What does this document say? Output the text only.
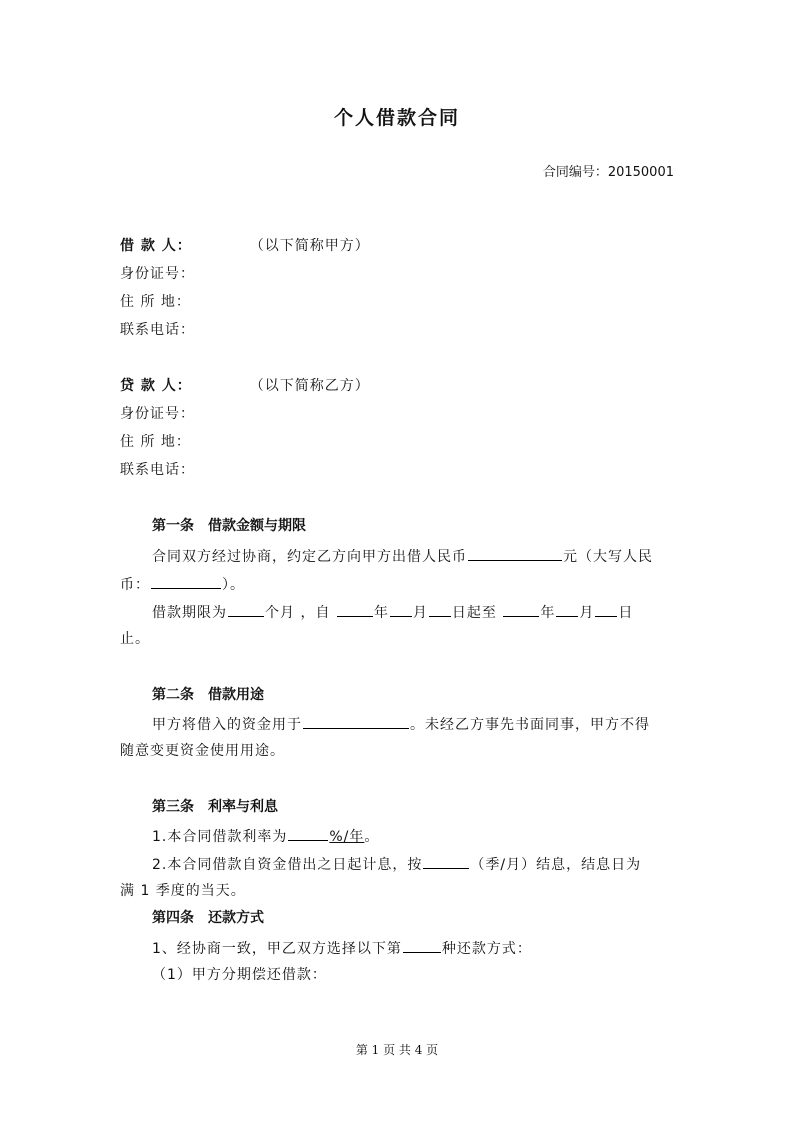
个人借款合同
合同编号：20150001
借 款 人：	（以下简称甲方）
身份证号：
住 所 地：
联系电话：
贷 款 人：	（以下简称乙方）
身份证号：
住 所 地：
联系电话：
第一条 借款金额与期限
合同双方经过协商，约定乙方向甲方出借人民币	元（大写人民
币：	）。
借款期限为	个月 ，自	年 月 日起至	年 月 日
止。
第二条 借款用途
甲方将借入的资金用于	。未经乙方事先书面同事，甲方不得
随意变更资金使用用途。
第三条 利率与利息
1.本合同借款利率为	%/年。
2.本合同借款自资金借出之日起计息，按	（季/月）结息，结息日为
满 1 季度的当天。
第四条 还款方式
1、经协商一致，甲乙双方选择以下第	种还款方式：
（1）甲方分期偿还借款：
第 1 页 共 4 页
